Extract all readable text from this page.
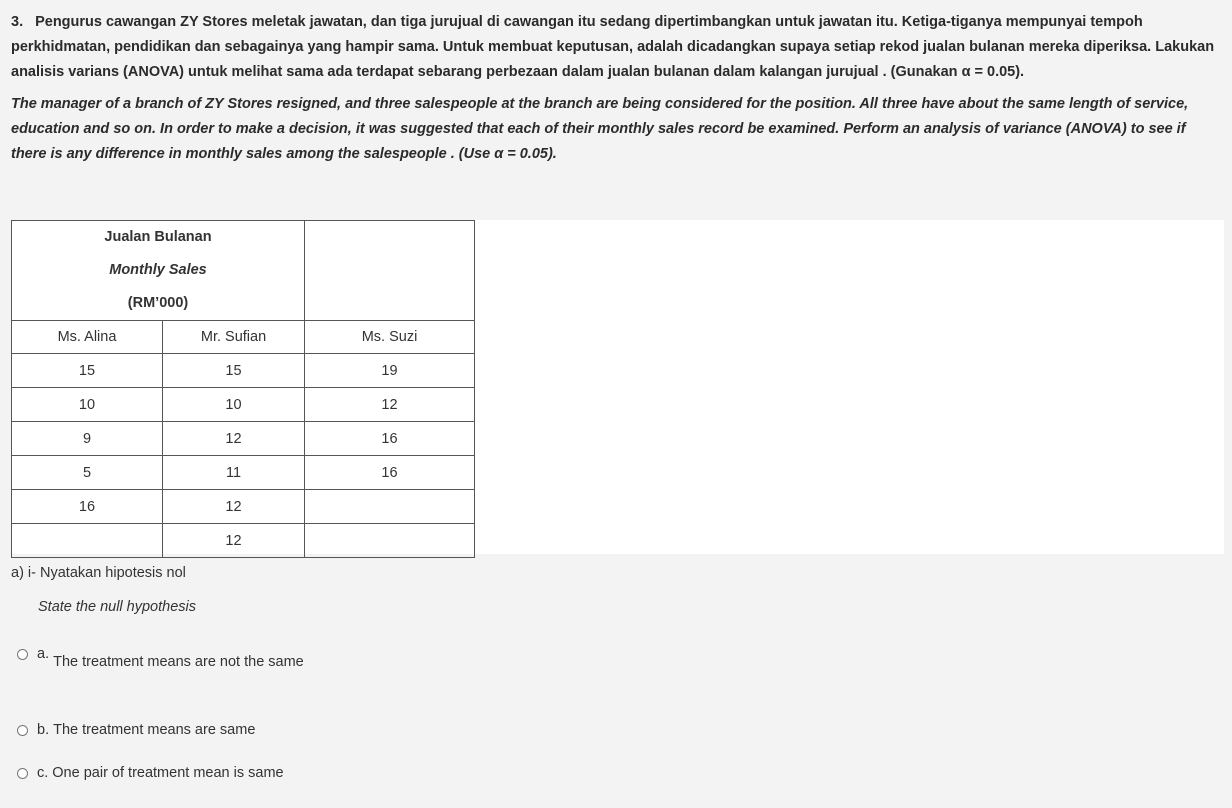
3. Pengurus cawangan ZY Stores meletak jawatan, dan tiga jurujual di cawangan itu sedang dipertimbangkan untuk jawatan itu. Ketiga-tiganya mempunyai tempoh perkhidmatan, pendidikan dan sebagainya yang hampir sama. Untuk membuat keputusan, adalah dicadangkan supaya setiap rekod jualan bulanan mereka diperiksa. Lakukan analisis varians (ANOVA) untuk melihat sama ada terdapat sebarang perbezaan dalam jualan bulanan dalam kalangan jurujual . (Gunakan α = 0.05).

The manager of a branch of ZY Stores resigned, and three salespeople at the branch are being considered for the position. All three have about the same length of service, education and so on. In order to make a decision, it was suggested that each of their monthly sales record be examined. Perform an analysis of variance (ANOVA) to see if there is any difference in monthly sales among the salespeople . (Use α = 0.05).

Jualan Bulanan
Monthly Sales
(RM’000)		

Ms. Alina	Mr. Sufian	Ms. Suzi
15	15	19
10	10	12
9	12	16
5	11	16
16	12	
	12	
a) i- Nyatakan hipotesis nol
State the null hypothesis
a. The treatment means are not the same
b. The treatment means are same
c. One pair of treatment mean is same
